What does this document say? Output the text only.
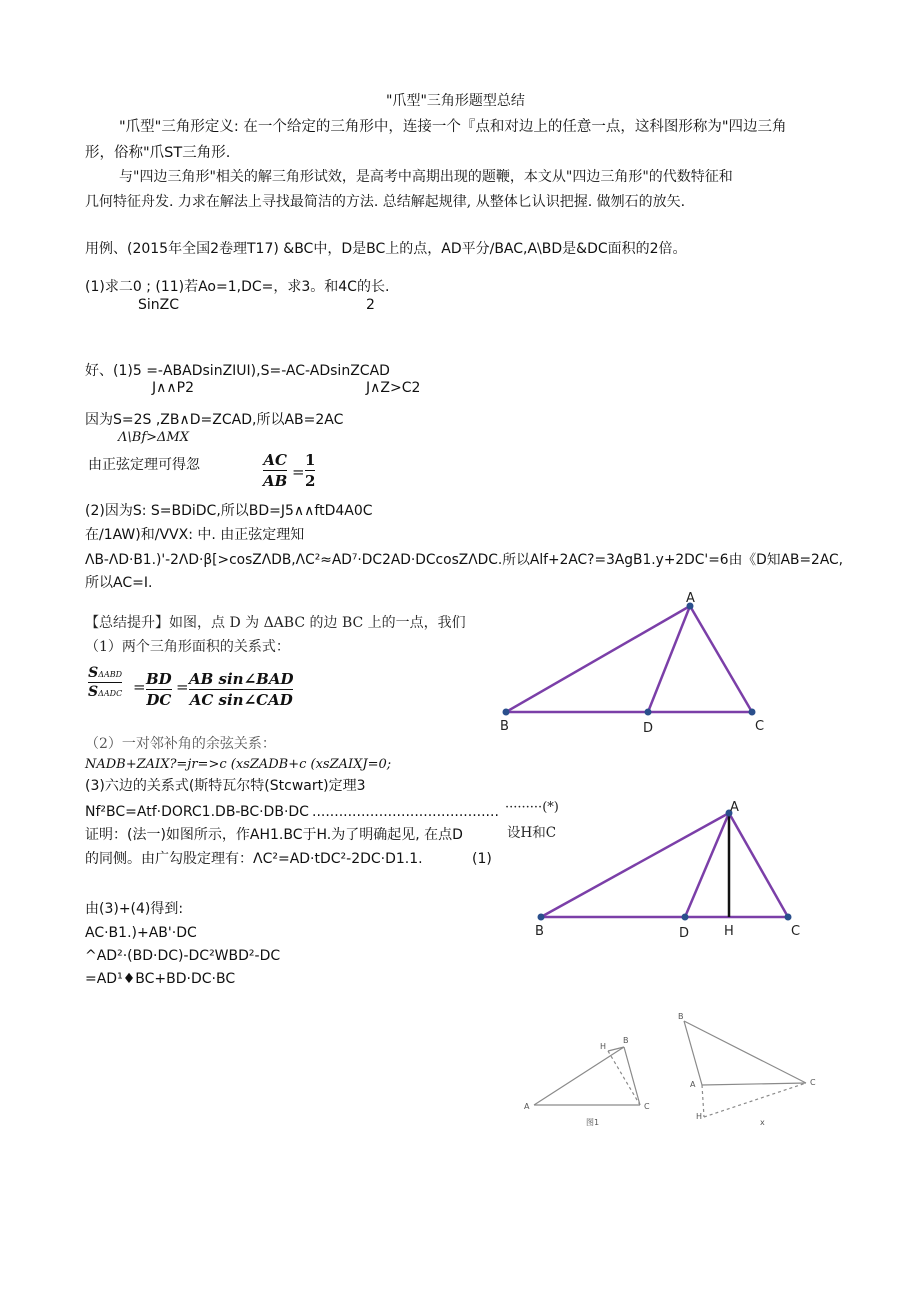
"爪型"三角形题型总结
"爪型"三角形定义: 在一个给定的三角形中，连接一个『点和对边上的任意一点，这科图形称为"四边三角
形，俗称"爪ST三角形.
与"四边三角形"相关的解三角形试效，是高考中高期出现的题鞭，本文从"四边三角形"的代数特征和
几何特征舟发. 力求在解法上寻找最简洁的方法. 总结解起规律, 从整体匕认识把握. 做刎石的放矢.
用例、(2015年全国2卷理T17) &BC中，D是BC上的点，AD平分∕BAC,A\BD是&DC面积的2倍。
(1)求二0 ; (11)若Ao=1,DC=，求3。和4C的长.
SinZC	2
好、(1)5 =-ABADsinZIUI),S=-AC-ADsinZCAD
J∧∧P2	J∧Z>C2
因为S=2S ,ZB∧D=ZCAD,所以AB=2AC
Λ\Bf>ΔMX
由正弦定理可得忽	AC
AB =
1
2
(2)因为S: S=BDiDC,所以BD=J5∧∧ftD4A0C
在/1AW)和/VVX: 中. 由正弦定理知
ΛB-ΛD·B1.)'-2ΛD·β[>cosZΛDB,ΛC²≈AD⁷·DC2AD·DCcosZΛDC.所以Alf+2AC?=3AgB1.y+2DC'=6由《D知AB=2AC,
所以AC=I.
【总结提升】如图，点 D 为 ΔABC 的边 BC 上的一点，我们
（1）两个三角形面积的关系式：
SΔABD
SΔADC = BD
DC
= AB sin∠BAD
AC sin∠CAD
（2）一对邻补角的余弦关系：
NADB+ZAIX?=jr=>c (xsZADB+c (xsZAIXJ=0;
(3)六边的关系式(斯特瓦尔特(Stcwart)定理3
Nf²BC=Atf·DORC1.DB-BC·DB·DC .......................................... ·········(*)
证明：(法一)如图所示，作AH1.BC于H.为了明确起见, 在点D	设H和C
的同侧。由广勾股定理有：ΛC²=AD·tDC²-2DC·D1.1.	(1)
由(3)+(4)得到:
AC·B1.)+AB'·DC
^AD²·(BD·DC)-DC²WBD²-DC
=AD¹♦BC+BD·DC·BC
A
B	D	C
A
B	D	H	C
A
B
H
C
图1
B
A
H
C
x
